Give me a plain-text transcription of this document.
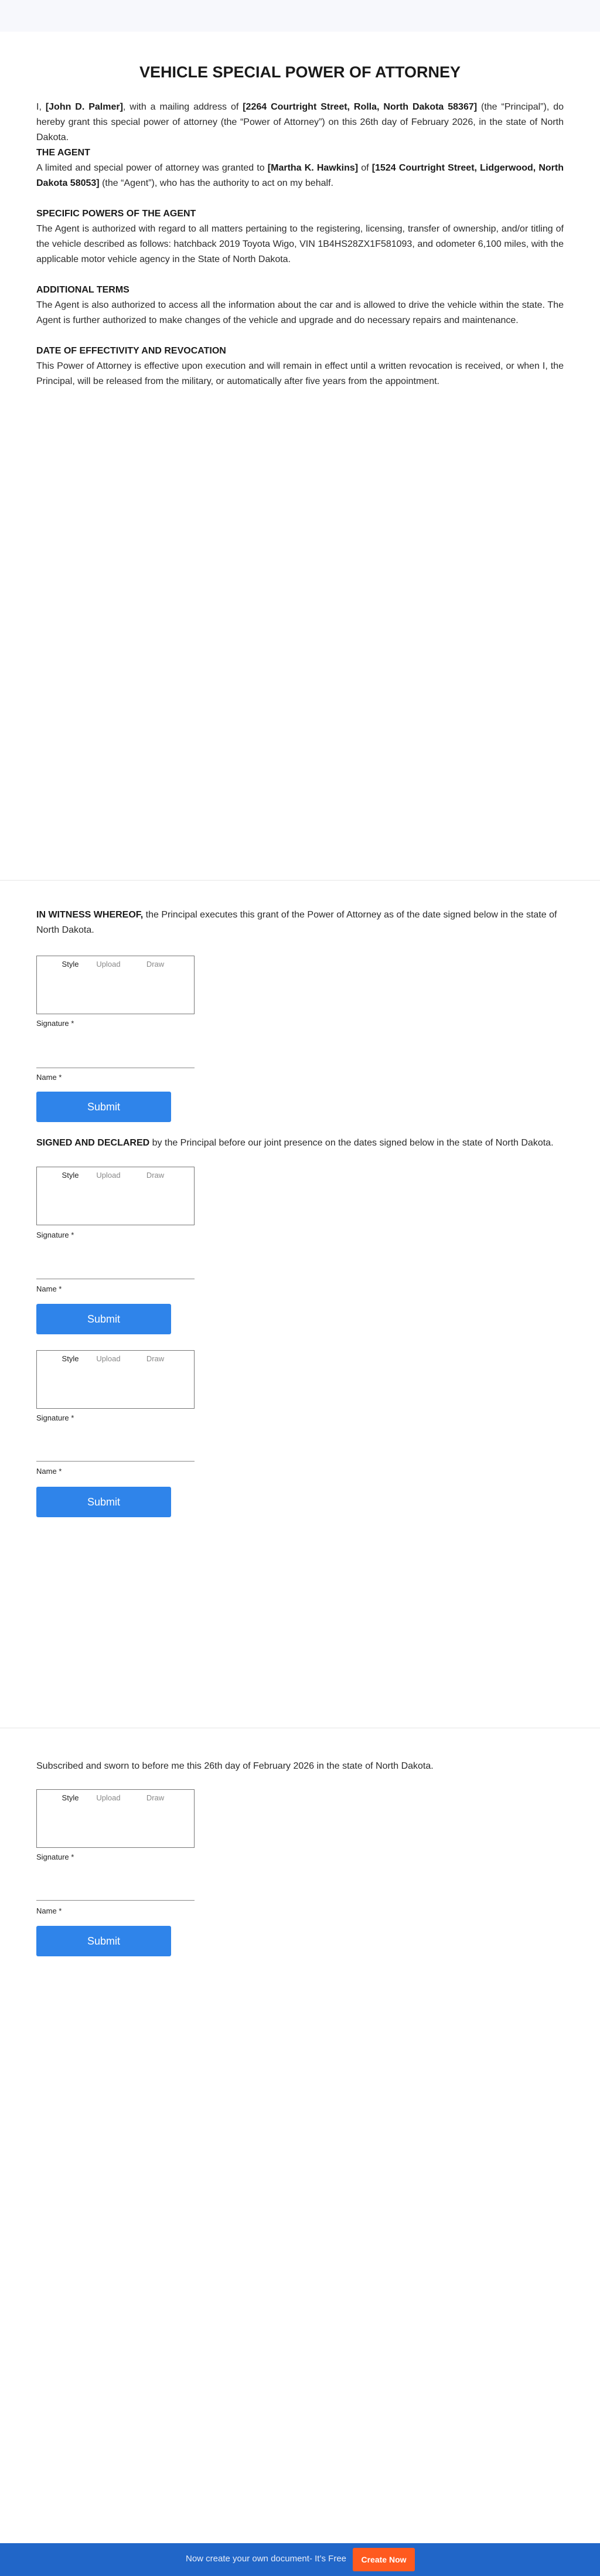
VEHICLE SPECIAL POWER OF ATTORNEY

I, [John D. Palmer], with a mailing address of [2264 Courtright Street, Rolla, North Dakota 58367] (the “Principal”), do hereby grant this special power of attorney (the “Power of Attorney”) on this 26th day of February 2026, in the state of North Dakota.

THE AGENT

A limited and special power of attorney was granted to [Martha K. Hawkins] of [1524 Courtright Street, Lidgerwood, North Dakota 58053] (the “Agent”), who has the authority to act on my behalf.

SPECIFIC POWERS OF THE AGENT

The Agent is authorized with regard to all matters pertaining to the registering, licensing, transfer of ownership, and/or titling of the vehicle described as follows: hatchback 2019 Toyota Wigo, VIN 1B4HS28ZX1F581093, and odometer 6,100 miles, with the applicable motor vehicle agency in the State of North Dakota.

ADDITIONAL TERMS

The Agent is also authorized to access all the information about the car and is allowed to drive the vehicle within the state. The Agent is further authorized to make changes of the vehicle and upgrade and do necessary repairs and maintenance.

DATE OF EFFECTIVITY AND REVOCATION

This Power of Attorney is effective upon execution and will remain in effect until a written revocation is received, or when I, the Principal, will be released from the military, or automatically after five years from the appointment.

IN WITNESS WHEREOF, the Principal executes this grant of the Power of Attorney as of the date signed below in the state of North Dakota.

Style	Upload	Draw
Signature *
Name *
Submit

SIGNED AND DECLARED by the Principal before our joint presence on the dates signed below in the state of North Dakota.

Style	Upload	Draw
Signature *
Name *
Submit
Style	Upload	Draw
Signature *
Name *
Submit

Subscribed and sworn to before me this 26th day of February 2026 in the state of North Dakota.

Style	Upload	Draw
Signature *
Name *
Submit
Now create your own document- It’s Free	Create Now
